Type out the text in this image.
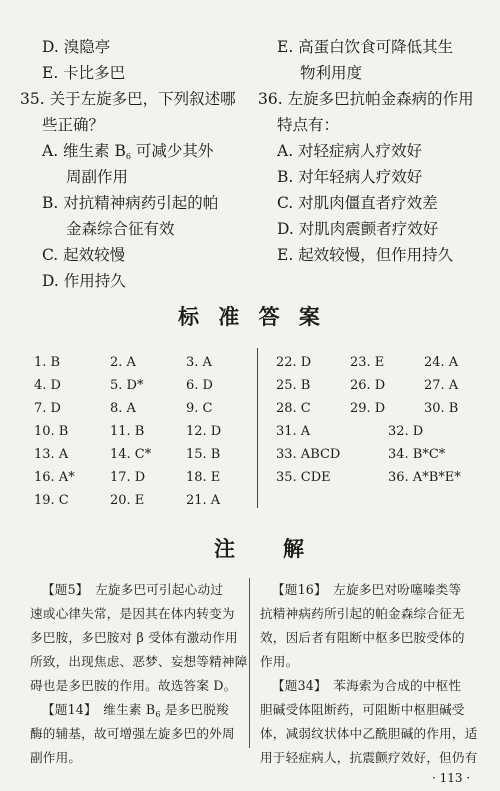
D. 溴隐亭
E. 卡比多巴
35. 关于左旋多巴，下列叙述哪
些正确？
A. 维生素 B6 可减少其外
周副作用
B. 对抗精神病药引起的帕
金森综合征有效
C. 起效较慢
D. 作用持久
E. 高蛋白饮食可降低其生
物利用度
36. 左旋多巴抗帕金森病的作用
特点有：
A. 对轻症病人疗效好
B. 对年轻病人疗效好
C. 对肌肉僵直者疗效差
D. 对肌肉震颤者疗效好
E. 起效较慢，但作用持久
标 准 答 案
1. B	2. A	3. A
4. D	5. D*	6. D
7. D	8. A	9. C
10. B	11. B	12. D
13. A	14. C*	15. B
16. A*	17. D	18. E
19. C	20. E	21. A
22. D	23. E	24. A
25. B	26. D	27. A
28. C	29. D	30. B
31. A	32. D
33. ABCD	34. B*C*
35. CDE	36. A*B*E*
注　　解
【题5】　左旋多巴可引起心动过
速或心律失常，是因其在体内转变为
多巴胺，多巴胺对 β 受体有激动作用
所致，出现焦虑、恶梦、妄想等精神障
碍也是多巴胺的作用。故选答案 D。
【题14】　维生素 $B_6$ 是多巴脱羧
酶的辅基，故可增强左旋多巴的外周
副作用。
【题16】　左旋多巴对吩噻嗪类等
抗精神病药所引起的帕金森综合征无
效，因后者有阻断中枢多巴胺受体的
作用。
【题34】　苯海索为合成的中枢性
胆碱受体阻断药，可阻断中枢胆碱受
体，减弱纹状体中乙酰胆碱的作用，适
用于轻症病人，抗震颤疗效好，但仍有
· 113 ·
